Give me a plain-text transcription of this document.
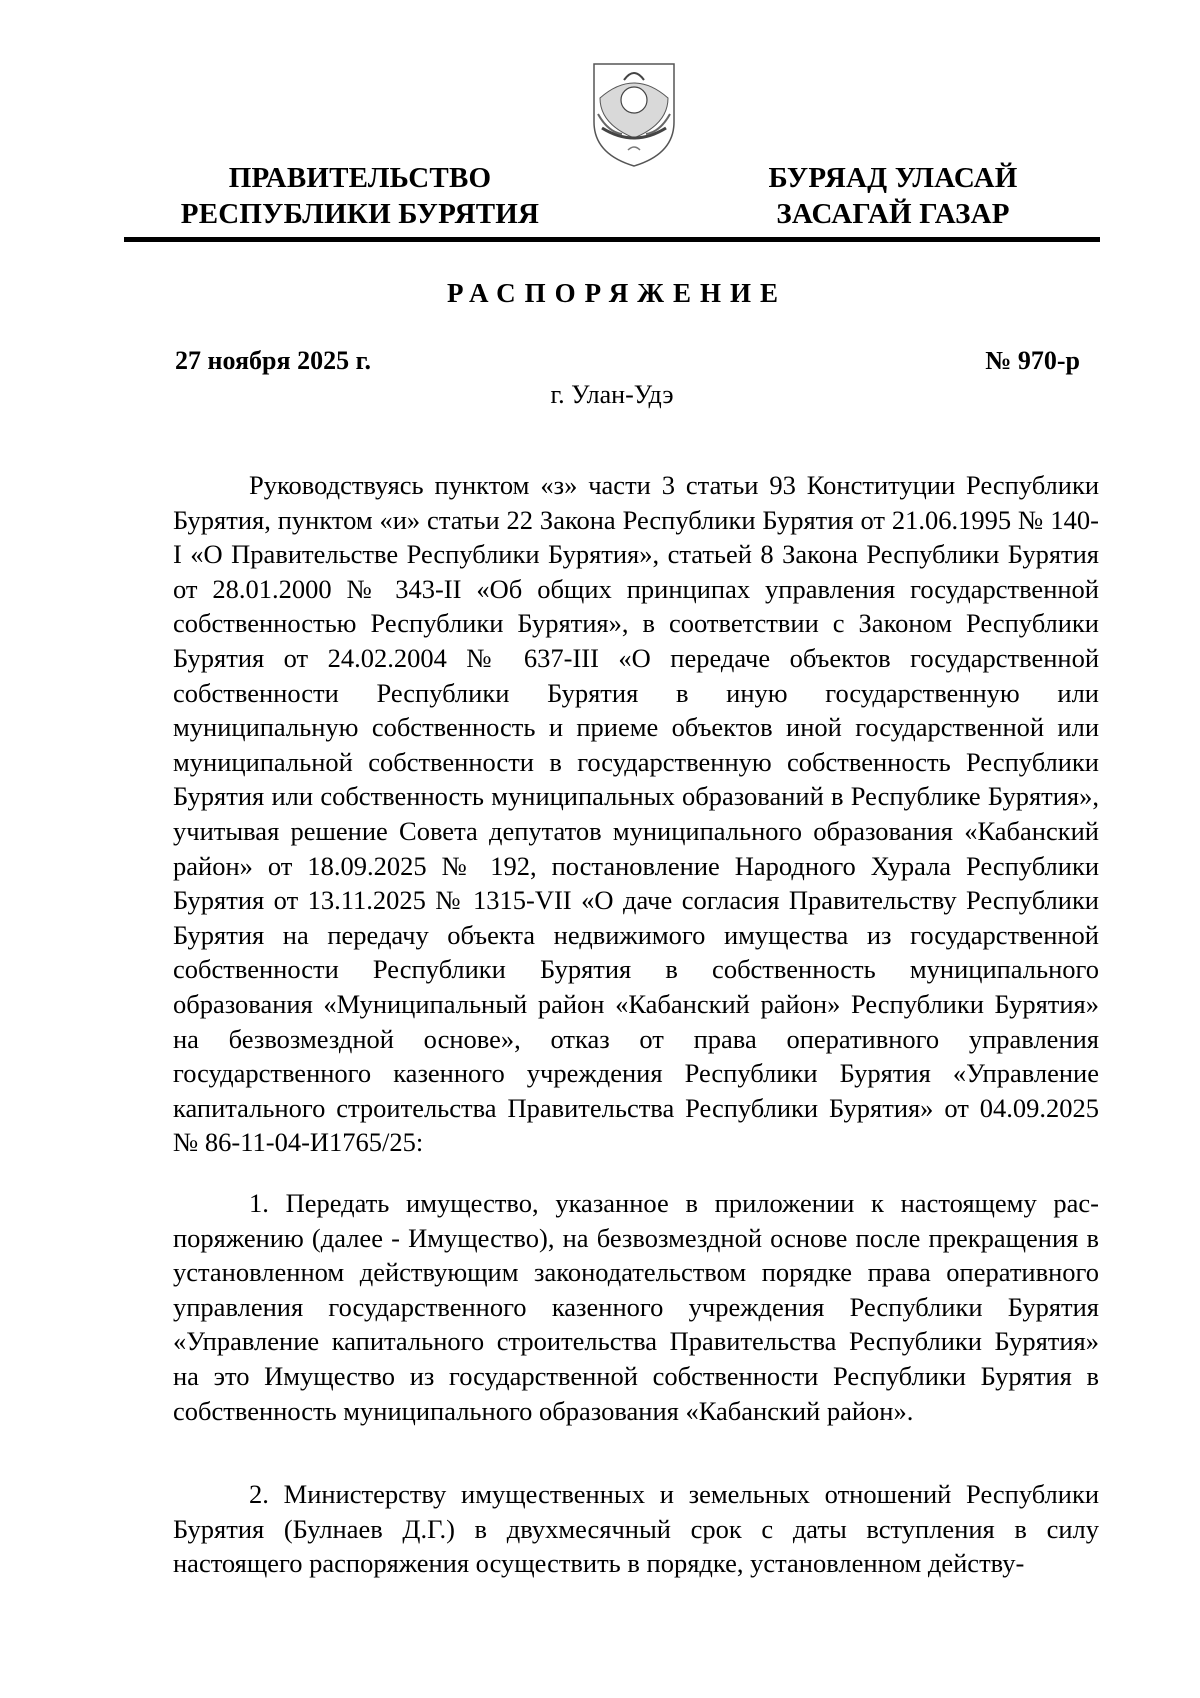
ПРАВИТЕЛЬСТВО
РЕСПУБЛИКИ БУРЯТИЯ
БУРЯАД УЛАСАЙ
ЗАСАГАЙ ГАЗАР
РАСПОРЯЖЕНИЕ
27 ноября 2025 г.	№ 970-р
г. Улан-Удэ

Руководствуясь пунктом «з» части 3 статьи 93 Конституции Республики Бурятия, пунктом «и» статьи 22 Закона Республики Бурятия от 21.06.1995 № 140-I «О Правительстве Республики Бурятия», статьей 8 Закона Республики Бурятия от 28.01.2000 № 343-II «Об общих принципах управления государственной собственностью Республики Бурятия», в соответствии с Законом Республики Бурятия от 24.02.2004 № 637-III «О передаче объектов государственной собственности Республики Бурятия в иную государственную или муниципальную собственность и приеме объектов иной государственной или муниципальной собственности в государственную собственность Республики Бурятия или собственность муниципальных образований в Республике Бурятия», учитывая решение Совета депутатов муниципального образования «Кабанский район» от 18.09.2025 № 192, постановление Народного Хурала Республики Бурятия от 13.11.2025 № 1315-VII «О даче согласия Правительству Республики Бурятия на передачу объекта недвижимого имущества из государственной собственности Республики Бурятия в собственность муниципального образования «Муниципальный район «Кабанский район» Республики Бурятия» на безвозмездной основе», отказ от права оперативного управления государственного казенного учреждения Республики Бурятия «Управление капитального строительства Правительства Республики Бурятия» от 04.09.2025 № 86-11-04-И1765/25:

1. Передать имущество, указанное в приложении к настоящему распоряжению (далее - Имущество), на безвозмездной основе после прекращения в установленном действующим законодательством порядке права оперативного управления государственного казенного учреждения Республики Бурятия «Управление капитального строительства Правительства Республики Бурятия» на это Имущество из государственной собственности Республики Бурятия в собственность муниципального образования «Кабанский район».

2. Министерству имущественных и земельных отношений Республики Бурятия (Булнаев Д.Г.) в двухмесячный срок с даты вступления в силу настоящего распоряжения осуществить в порядке, установленном действу-
